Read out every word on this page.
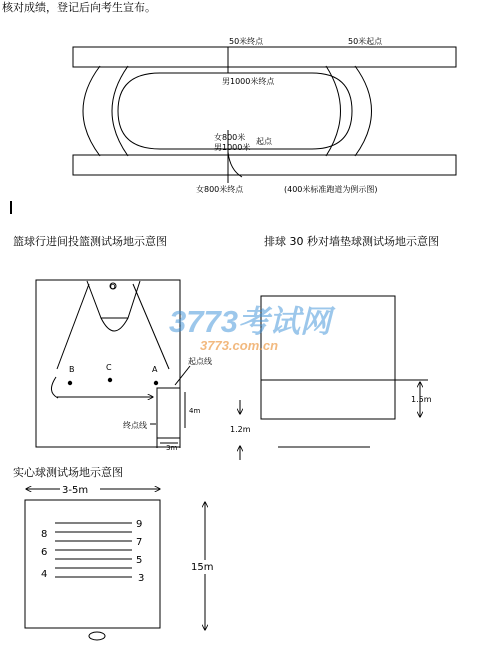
核对成绩，登记后向考生宣布。
50米终点	50米起点
男1000米终点
女800米
男1000米
起点
女800米终点	(400米标准跑道为例示图)
篮球行进间投篮测试场地示意图
O
B	C	A
起点线
终点线
4m
3m
排球 30 秒对墙垫球测试场地示意图
1.5m
1.2m
3773考试网
3773.com.cn
实心球测试场地示意图
3-5m
15m
9
7
5
3
8
6
4
